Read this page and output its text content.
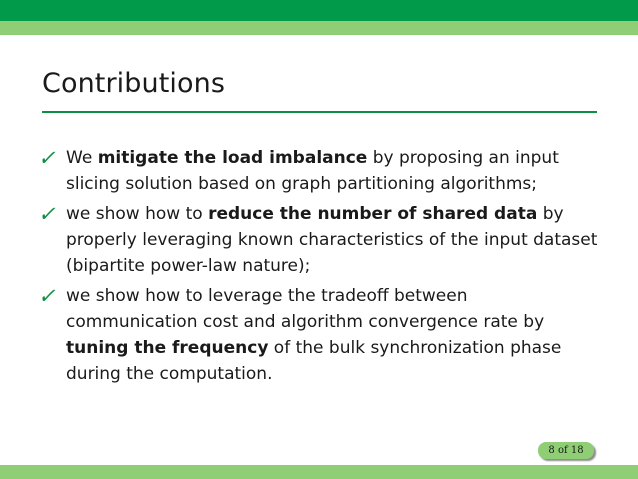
Contributions
✓ We mitigate the load imbalance by proposing an input
slicing solution based on graph partitioning algorithms;
✓ we show how to reduce the number of shared data by
properly leveraging known characteristics of the input dataset
(bipartite power-law nature);
✓ we show how to leverage the tradeoff between
communication cost and algorithm convergence rate by
tuning the frequency of the bulk synchronization phase
during the computation.
8 of 18
